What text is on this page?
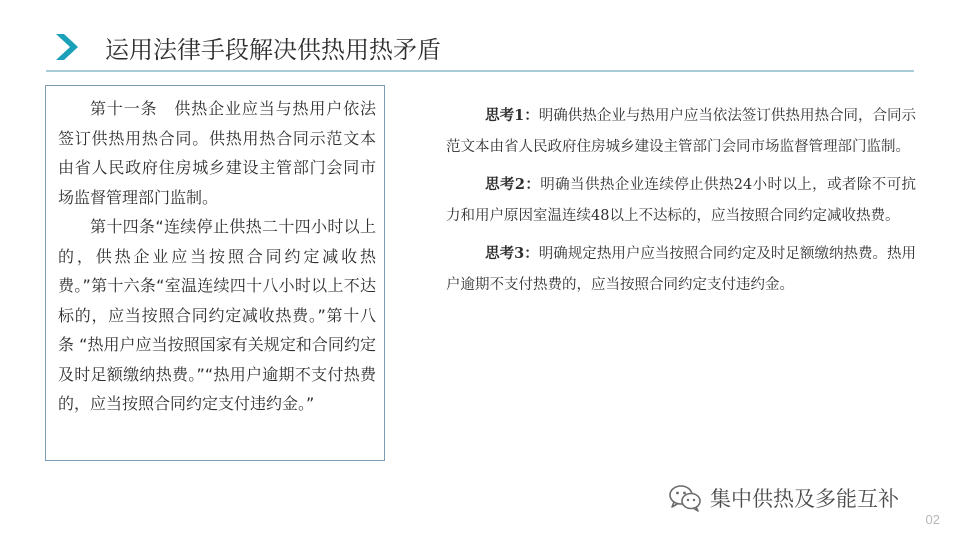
运用法律手段解决供热用热矛盾

第十一条　供热企业应当与热用户依法签订供热用热合同。供热用热合同示范文本由省人民政府住房城乡建设主管部门会同市场监督管理部门监制。

第十四条“连续停止供热二十四小时以上的，供热企业应当按照合同约定减收热费。”第十六条“室温连续四十八小时以上不达标的，应当按照合同约定减收热费。”第十八条 “热用户应当按照国家有关规定和合同约定及时足额缴纳热费。”“热用户逾期不支付热费的，应当按照合同约定支付违约金。”

思考1：明确供热企业与热用户应当依法签订供热用热合同，合同示范文本由省人民政府住房城乡建设主管部门会同市场监督管理部门监制。

思考2：明确当供热企业连续停止供热24小时以上，或者除不可抗力和用户原因室温连续48以上不达标的，应当按照合同约定减收热费。

思考3：明确规定热用户应当按照合同约定及时足额缴纳热费。热用户逾期不支付热费的，应当按照合同约定支付违约金。

集中供热及多能互补
02
